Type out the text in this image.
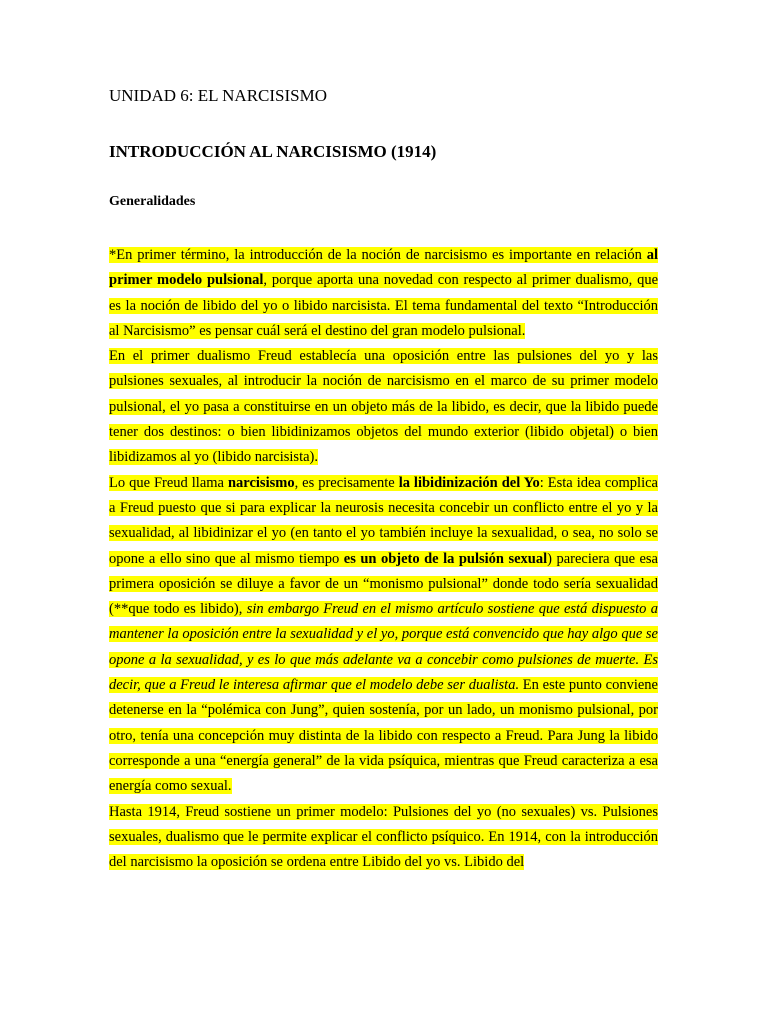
UNIDAD 6: EL NARCISISMO
INTRODUCCIÓN AL NARCISISMO (1914)
Generalidades

*En primer término, la introducción de la noción de narcisismo es importante en relación al primer modelo pulsional, porque aporta una novedad con respecto al primer dualismo, que es la noción de libido del yo o libido narcisista. El tema fundamental del texto “Introducción al Narcisismo” es pensar cuál será el destino del gran modelo pulsional.

En el primer dualismo Freud establecía una oposición entre las pulsiones del yo y las pulsiones sexuales, al introducir la noción de narcisismo en el marco de su primer modelo pulsional, el yo pasa a constituirse en un objeto más de la libido, es decir, que la libido puede tener dos destinos: o bien libidinizamos objetos del mundo exterior (libido objetal) o bien libidizamos al yo (libido narcisista).

Lo que Freud llama narcisismo, es precisamente la libidinización del Yo: Esta idea complica a Freud puesto que si para explicar la neurosis necesita concebir un conflicto entre el yo y la sexualidad, al libidinizar el yo (en tanto el yo también incluye la sexualidad, o sea, no solo se opone a ello sino que al mismo tiempo es un objeto de la pulsión sexual) pareciera que esa primera oposición se diluye a favor de un “monismo pulsional” donde todo sería sexualidad (**que todo es libido), sin embargo Freud en el mismo artículo sostiene que está dispuesto a mantener la oposición entre la sexualidad y el yo, porque está convencido que hay algo que se opone a la sexualidad, y es lo que más adelante va a concebir como pulsiones de muerte. Es decir, que a Freud le interesa afirmar que el modelo debe ser dualista. En este punto conviene detenerse en la “polémica con Jung”, quien sostenía, por un lado, un monismo pulsional, por otro, tenía una concepción muy distinta de la libido con respecto a Freud. Para Jung la libido corresponde a una “energía general” de la vida psíquica, mientras que Freud caracteriza a esa energía como sexual.

Hasta 1914, Freud sostiene un primer modelo: Pulsiones del yo (no sexuales) vs. Pulsiones sexuales, dualismo que le permite explicar el conflicto psíquico. En 1914, con la introducción del narcisismo la oposición se ordena entre Libido del yo vs. Libido del
